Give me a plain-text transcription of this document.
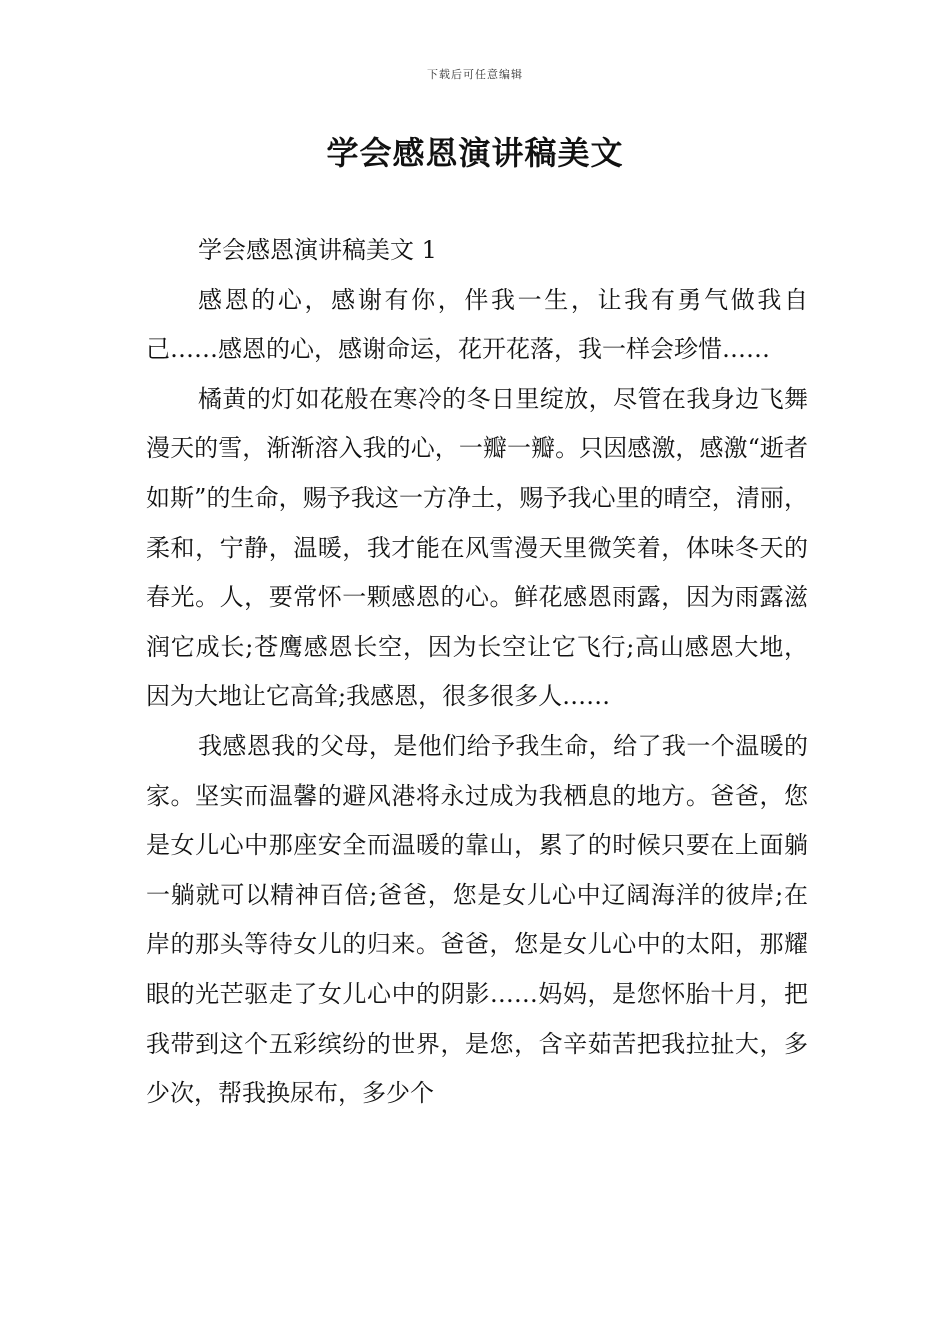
下载后可任意编辑
学会感恩演讲稿美文

学会感恩演讲稿美文 1

感恩的心，感谢有你，伴我一生，让我有勇气做我自己……感恩的心，感谢命运，花开花落，我一样会珍惜……

橘黄的灯如花般在寒冷的冬日里绽放，尽管在我身边飞舞漫天的雪，渐渐溶入我的心，一瓣一瓣。只因感激，感激“逝者如斯”的生命，赐予我这一方净土，赐予我心里的晴空，清丽，柔和，宁静，温暖，我才能在风雪漫天里微笑着，体味冬天的春光。人，要常怀一颗感恩的心。鲜花感恩雨露，因为雨露滋润它成长;苍鹰感恩长空，因为长空让它飞行;高山感恩大地，因为大地让它高耸;我感恩，很多很多人……

我感恩我的父母，是他们给予我生命，给了我一个温暖的家。坚实而温馨的避风港将永过成为我栖息的地方。爸爸，您是女儿心中那座安全而温暖的靠山，累了的时候只要在上面躺一躺就可以精神百倍;爸爸，您是女儿心中辽阔海洋的彼岸;在岸的那头等待女儿的归来。爸爸，您是女儿心中的太阳，那耀眼的光芒驱走了女儿心中的阴影……妈妈，是您怀胎十月，把我带到这个五彩缤纷的世界，是您，含辛茹苦把我拉扯大，多少次，帮我换尿布，多少个
